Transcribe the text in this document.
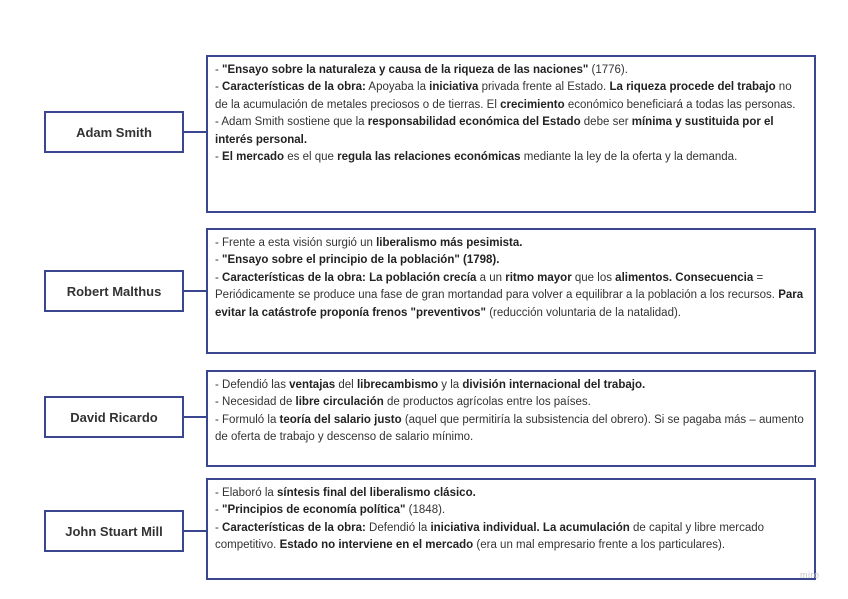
Adam Smith

- "Ensayo sobre la naturaleza y causa de la riqueza de las naciones" (1776).

- Características de la obra: Apoyaba la iniciativa privada frente al Estado. La riqueza procede del trabajo no de la acumulación de metales preciosos o de tierras. El crecimiento económico beneficiará a todas las personas.

- Adam Smith sostiene que la responsabilidad económica del Estado debe ser mínima y sustituida por el interés personal.

- El mercado es el que regula las relaciones económicas mediante la ley de la oferta y la demanda.

Robert Malthus

- Frente a esta visión surgió un liberalismo más pesimista.

- "Ensayo sobre el principio de la población" (1798).

- Características de la obra: La población crecía a un ritmo mayor que los alimentos. Consecuencia = Periódicamente se produce una fase de gran mortandad para volver a equilibrar a la población a los recursos. Para evitar la catástrofe proponía frenos "preventivos" (reducción voluntaria de la natalidad).

David Ricardo

- Defendió las ventajas del librecambismo y la división internacional del trabajo.

- Necesidad de libre circulación de productos agrícolas entre los países.

- Formuló la teoría del salario justo (aquel que permitiría la subsistencia del obrero). Si se pagaba más – aumento de oferta de trabajo y descenso de salario mínimo.

John Stuart Mill

- Elaboró la síntesis final del liberalismo clásico.

- "Principios de economía política" (1848).

- Características de la obra: Defendió la iniciativa individual. La acumulación de capital y libre mercado competitivo. Estado no interviene en el mercado (era un mal empresario frente a los particulares).

miro
